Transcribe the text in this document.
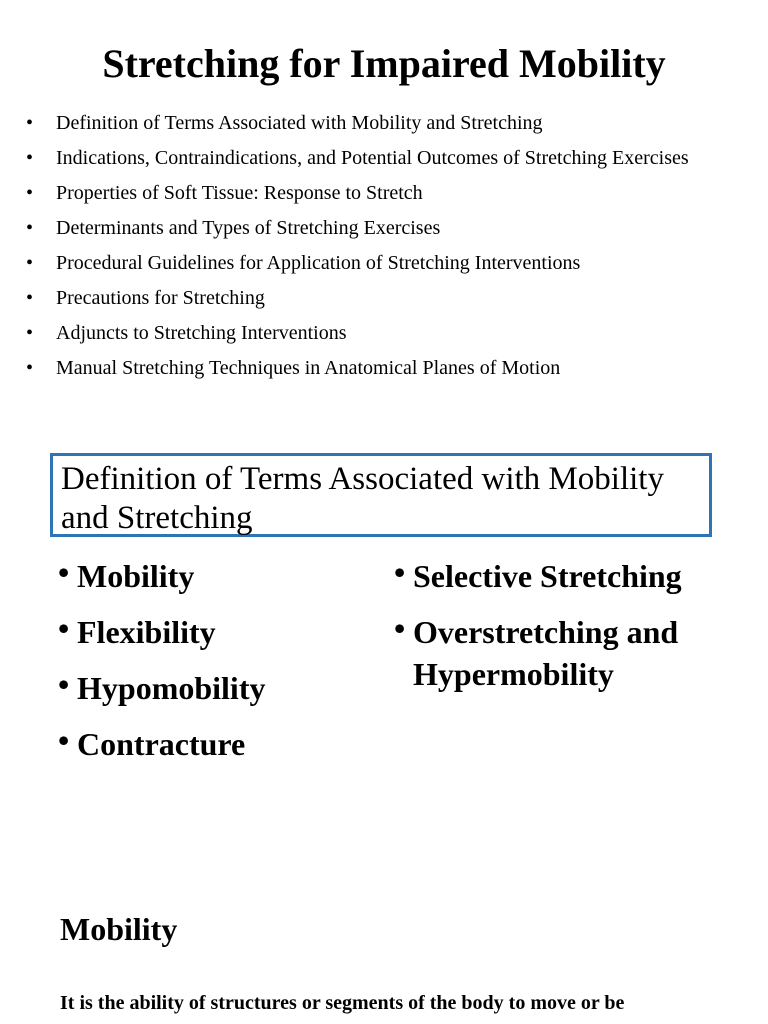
Stretching for Impaired Mobility
• Definition of Terms Associated with Mobility and Stretching
• Indications, Contraindications, and Potential Outcomes of Stretching Exercises
• Properties of Soft Tissue: Response to Stretch
• Determinants and Types of Stretching Exercises
• Procedural Guidelines for Application of Stretching Interventions
• Precautions for Stretching
• Adjuncts to Stretching Interventions
• Manual Stretching Techniques in Anatomical Planes of Motion
Definition of Terms Associated with Mobility and Stretching
• Mobility
• Flexibility
• Hypomobility
• Contracture
• Selective Stretching
• Overstretching and Hypermobility
Mobility
It is the ability of structures or segments of the body to move or be
